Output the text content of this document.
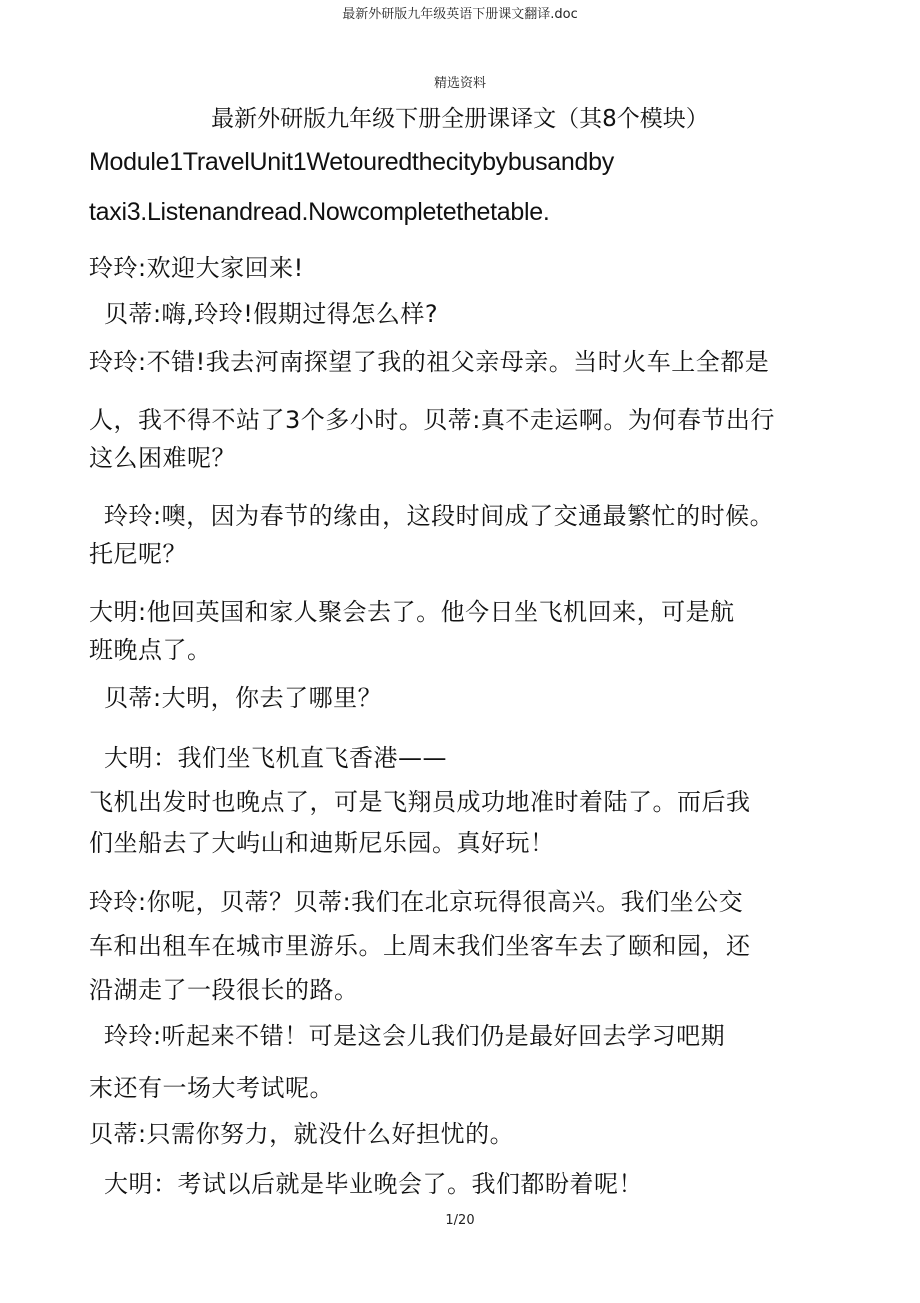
最新外研版九年级英语下册课文翻译.doc
精选资料
最新外研版九年级下册全册课译文（其8个模块）
Module1TravelUnit1Wetouredthecitybybusandby
taxi3.Listenandread.Nowcompletethetable.
玲玲:欢迎大家回来!
贝蒂:嗨,玲玲!假期过得怎么样?
玲玲:不错!我去河南探望了我的祖父亲母亲。当时火车上全都是
人，我不得不站了3个多小时。贝蒂:真不走运啊。为何春节出行
这么困难呢？
玲玲:噢，因为春节的缘由，这段时间成了交通最繁忙的时候。
托尼呢？
大明:他回英国和家人聚会去了。他今日坐飞机回来，可是航
班晚点了。
贝蒂:大明，你去了哪里？
大明：我们坐飞机直飞香港——
飞机出发时也晚点了，可是飞翔员成功地准时着陆了。而后我
们坐船去了大屿山和迪斯尼乐园。真好玩！
玲玲:你呢，贝蒂？贝蒂:我们在北京玩得很高兴。我们坐公交
车和出租车在城市里游乐。上周末我们坐客车去了颐和园，还
沿湖走了一段很长的路。
玲玲:听起来不错！可是这会儿我们仍是最好回去学习吧期
末还有一场大考试呢。
贝蒂:只需你努力，就没什么好担忧的。
大明：考试以后就是毕业晚会了。我们都盼着呢！
1/20
